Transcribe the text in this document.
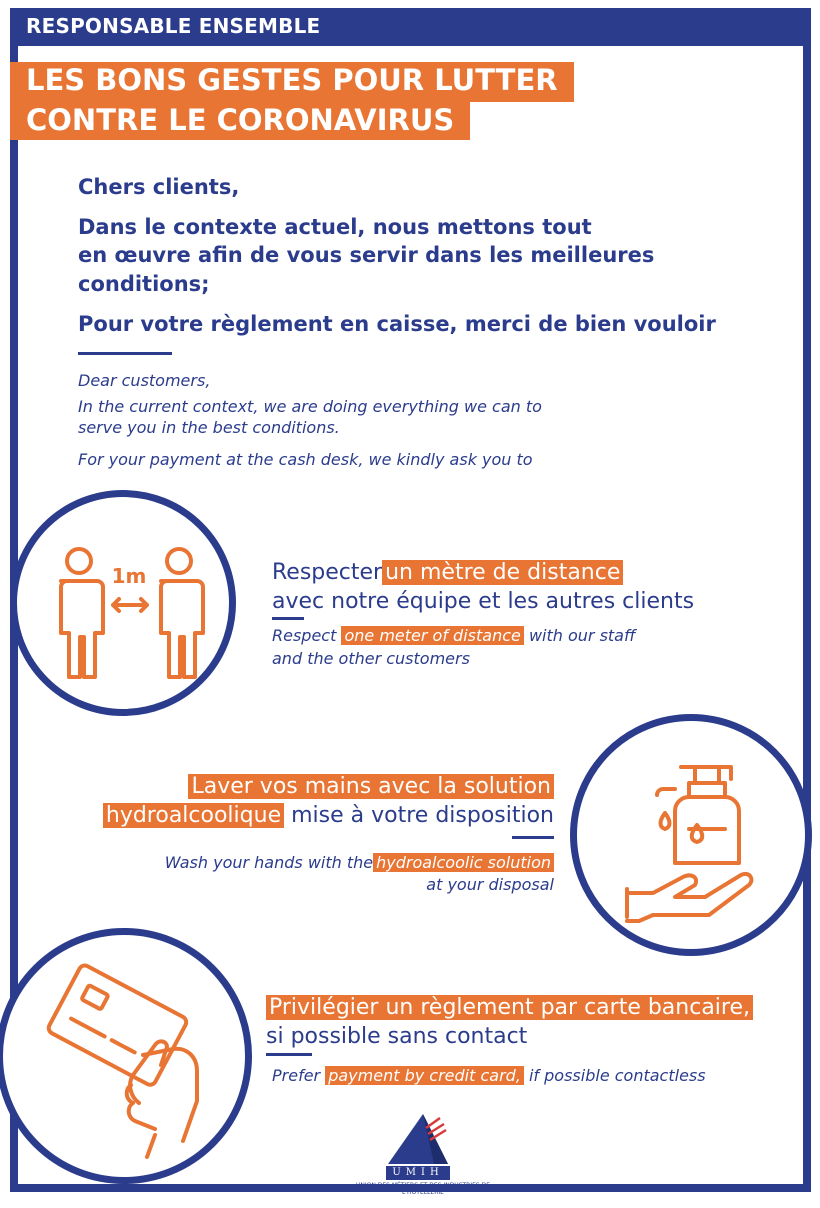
RESPONSABLE ENSEMBLE
LES BONS GESTES POUR LUTTER
CONTRE LE CORONAVIRUS
Chers clients,
Dans le contexte actuel, nous mettons tout
en œuvre afin de vous servir dans les meilleures
conditions;
Pour votre règlement en caisse, merci de bien vouloir
Dear customers,
In the current context, we are doing everything we can to
serve you in the best conditions.
For your payment at the cash desk, we kindly ask you to
1m	Respecter un mètre de distance
avec notre équipe et les autres clients
Respect one meter of distance with our staff
and the other customers
Laver vos mains avec la solution
hydroalcoolique mise à votre disposition
Wash your hands with the hydroalcoolic solution
at your disposal
Privilégier un règlement par carte bancaire,
si possible sans contact
Prefer payment by credit card, if possible contactless
UMIH
UNION DES MÉTIERS ET DES INDUSTRIES DE L'HÔTELLERIE
